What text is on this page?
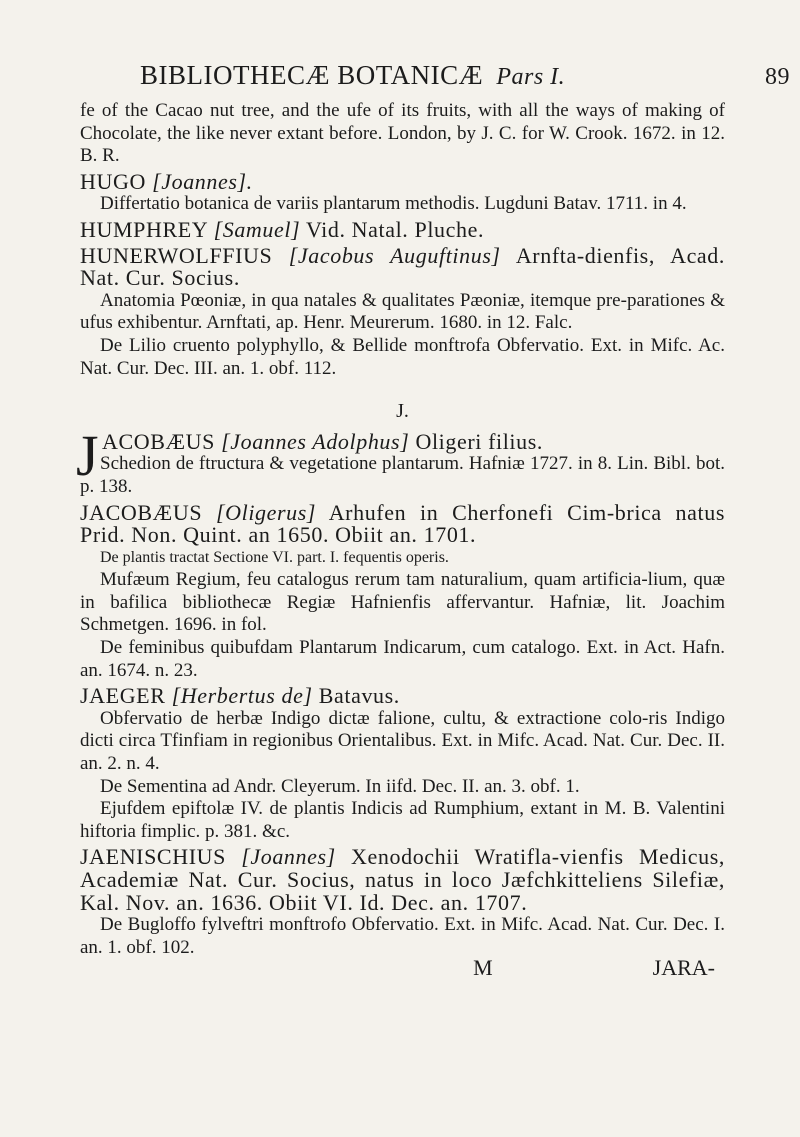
BIBLIOTHECÆ BOTANICÆ Pars I.	89

fe of the Cacao nut tree, and the ufe of its fruits, with all the ways of making of Chocolate, the like never extant before. London, by J. C. for W. Crook. 1672. in 12. B. R.

HUGO [Joannes].

Differtatio botanica de variis plantarum methodis. Lugduni Batav. 1711. in 4.

HUMPHREY [Samuel] Vid. Natal. Pluche.

HUNERWOLFFIUS [Jacobus Auguftinus] Arnfta-dienfis, Acad. Nat. Cur. Socius.

Anatomia Pœoniæ, in qua natales & qualitates Pæoniæ, itemque pre-parationes & ufus exhibentur. Arnftati, ap. Henr. Meurerum. 1680. in 12. Falc.

De Lilio cruento polyphyllo, & Bellide monftrofa Obfervatio. Ext. in Mifc. Ac. Nat. Cur. Dec. III. an. 1. obf. 112.

J.

J ACOBÆUS [Joannes Adolphus] Oligeri filius.

Schedion de ftructura & vegetatione plantarum. Hafniæ 1727. in 8. Lin. Bibl. bot. p. 138.

JACOBÆUS [Oligerus] Arhufen in Cherfonefi Cim-brica natus Prid. Non. Quint. an 1650. Obiit an. 1701.

De plantis tractat Sectione VI. part. I. fequentis operis.

Mufæum Regium, feu catalogus rerum tam naturalium, quam artificia-lium, quæ in bafilica bibliothecæ Regiæ Hafnienfis affervantur. Hafniæ, lit. Joachim Schmetgen. 1696. in fol.

De feminibus quibufdam Plantarum Indicarum, cum catalogo. Ext. in Act. Hafn. an. 1674. n. 23.

JAEGER [Herbertus de] Batavus.

Obfervatio de herbæ Indigo dictæ falione, cultu, & extractione colo-ris Indigo dicti circa Tfinfiam in regionibus Orientalibus. Ext. in Mifc. Acad. Nat. Cur. Dec. II. an. 2. n. 4.

De Sementina ad Andr. Cleyerum. In iifd. Dec. II. an. 3. obf. 1.

Ejufdem epiftolæ IV. de plantis Indicis ad Rumphium, extant in M. B. Valentini hiftoria fimplic. p. 381. &c.

JAENISCHIUS [Joannes] Xenodochii Wratifla-vienfis Medicus, Academiæ Nat. Cur. Socius, natus in loco Jæfchkitteliens Silefiæ, Kal. Nov. an. 1636. Obiit VI. Id. Dec. an. 1707.

De Bugloffo fylveftri monftrofo Obfervatio. Ext. in Mifc. Acad. Nat. Cur. Dec. I. an. 1. obf. 102.

M	JARA-
